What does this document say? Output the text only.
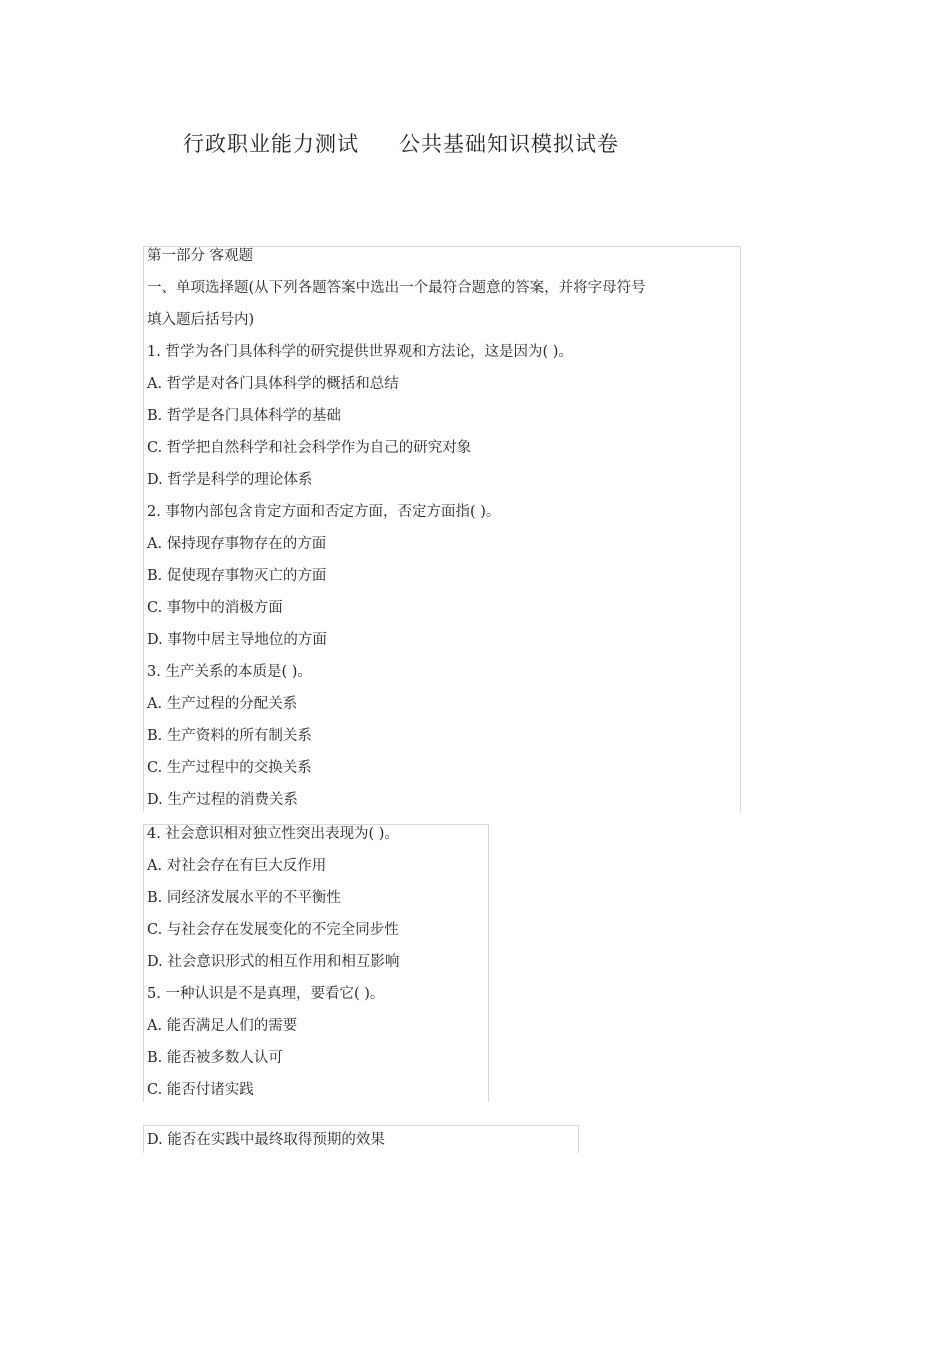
行政职业能力测试 公共基础知识模拟试卷
第一部分 客观题
一、单项选择题(从下列各题答案中选出一个最符合题意的答案，并将字母符号
填入题后括号内)
1. 哲学为各门具体科学的研究提供世界观和方法论，这是因为( )。
A. 哲学是对各门具体科学的概括和总结
B. 哲学是各门具体科学的基础
C. 哲学把自然科学和社会科学作为自己的研究对象
D. 哲学是科学的理论体系
2. 事物内部包含肯定方面和否定方面，否定方面指( )。
A. 保持现存事物存在的方面
B. 促使现存事物灭亡的方面
C. 事物中的消极方面
D. 事物中居主导地位的方面
3. 生产关系的本质是( )。
A. 生产过程的分配关系
B. 生产资料的所有制关系
C. 生产过程中的交换关系
D. 生产过程的消费关系
4. 社会意识相对独立性突出表现为( )。
A. 对社会存在有巨大反作用
B. 同经济发展水平的不平衡性
C. 与社会存在发展变化的不完全同步性
D. 社会意识形式的相互作用和相互影响
5. 一种认识是不是真理，要看它( )。
A. 能否满足人们的需要
B. 能否被多数人认可
C. 能否付诸实践
D. 能否在实践中最终取得预期的效果
